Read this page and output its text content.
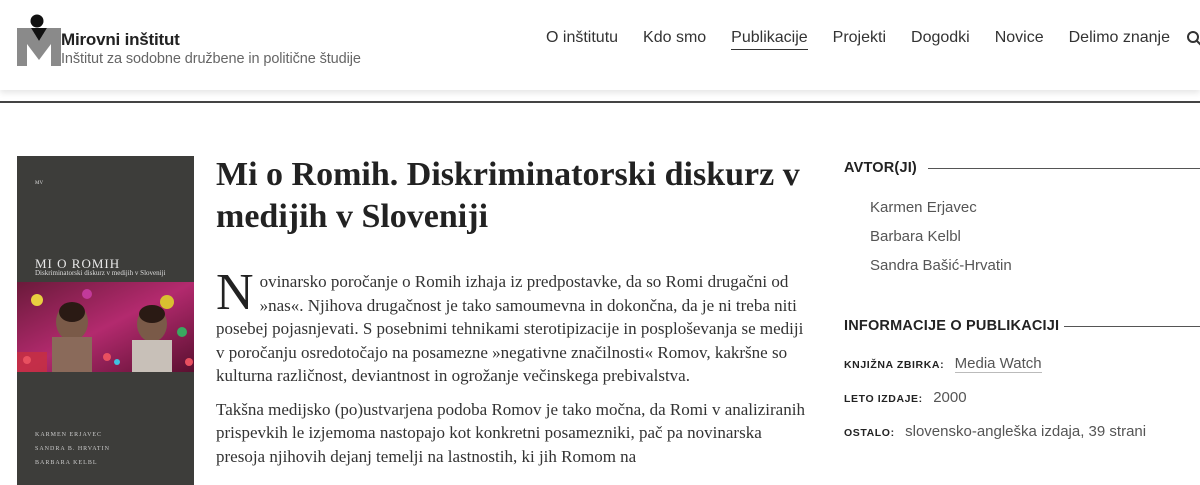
Mirovni inštitut
Inštitut za sodobne družbene in politične študije
O inštitutu Kdo smo Publikacije Projekti Dogodki Novice Delimo znanje
MV
MI O ROMIH
Diskriminatorski diskurz v medijih v Sloveniji
KARMEN ERJAVEC
SANDRA B. HRVATIN
BARBARA KELBL
Mi o Romih. Diskriminatorski diskurz v medijih v Sloveniji

Novinarsko poročanje o Romih izhaja iz predpostavke, da so Romi drugačni od »nas«. Njihova drugačnost je tako samoumevna in dokončna, da je ni treba niti posebej pojasnjevati. S posebnimi tehnikami sterotipizacije in posploševanja se mediji v poročanju osredotočajo na posamezne »negativne značilnosti« Romov, kakršne so kulturna različnost, deviantnost in ogrožanje večinskega prebivalstva.

Takšna medijsko (po)ustvarjena podoba Romov je tako močna, da Romi v analiziranih prispevkih le izjemoma nastopajo kot konkretni posamezniki, pač pa novinarska presoja njihovih dejanj temelji na lastnostih, ki jih Romom na

AVTOR(JI)
Karmen Erjavec
Barbara Kelbl
Sandra Bašić-Hrvatin
INFORMACIJE O PUBLIKACIJI
KNJIŽNA ZBIRKA: Media Watch
LETO IZDAJE: 2000
OSTALO: slovensko-angleška izdaja, 39 strani
